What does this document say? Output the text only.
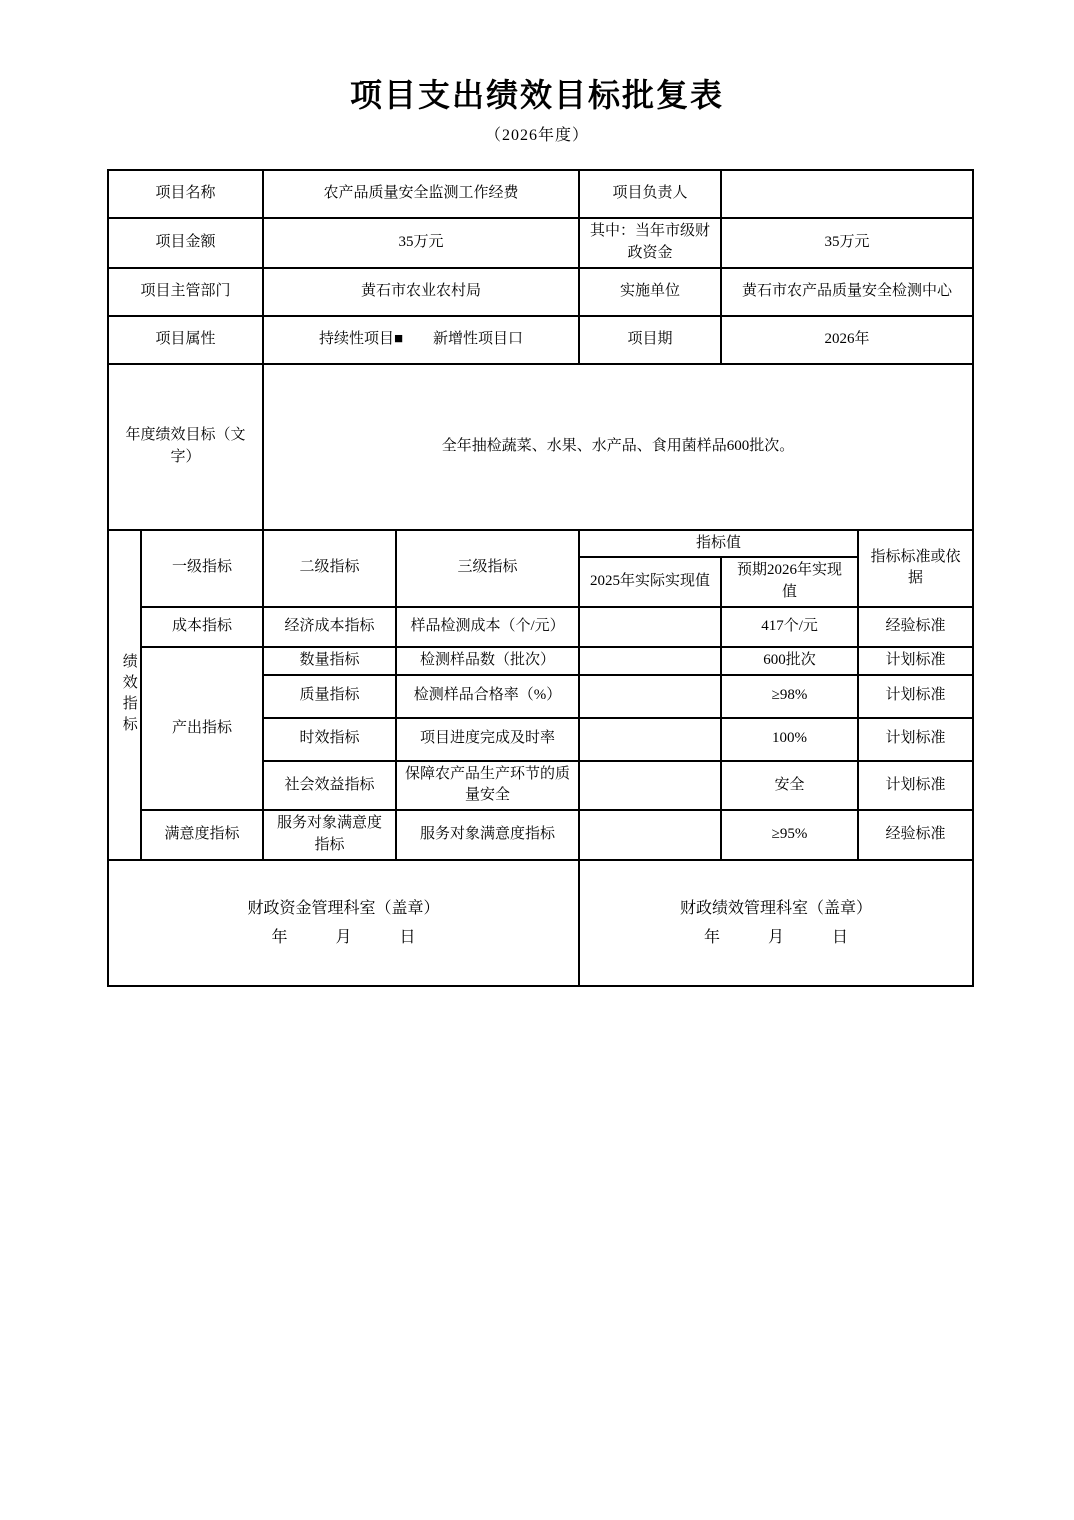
项目支出绩效目标批复表
（2026年度）
项目名称		农产品质量安全监测工作经费		项目负责人		
项目金额		35万元		其中：当年市级财政资金	35万元	
项目主管部门		黄石市农业农村局		实施单位	黄石市农产品质量安全检测中心	
项目属性		持续性项目■ 新增性项目口		项目期	2026年	
年度绩效目标（文字）		全年抽检蔬菜、水果、水产品、食用菌样品600批次。				

绩效指标	一级指标	二级指标	三级指标	指标值		指标标准或依据
				2025年实际实现值	预期2026年实现值	
	成本指标	经济成本指标	样品检测成本（个/元）		417个/元	经验标准
	产出指标	数量指标	检测样品数（批次）		600批次	计划标准
		质量指标	检测样品合格率（%）		≥98%	计划标准
		时效指标	项目进度完成及时率		100%	计划标准
		社会效益指标	保障农产品生产环节的质量安全		安全	计划标准
	满意度指标	服务对象满意度指标	服务对象满意度指标		≥95%	经验标准

财政资金管理科室（盖章）
年　　　月　　　日

财政绩效管理科室（盖章）
年　　　月　　　日
